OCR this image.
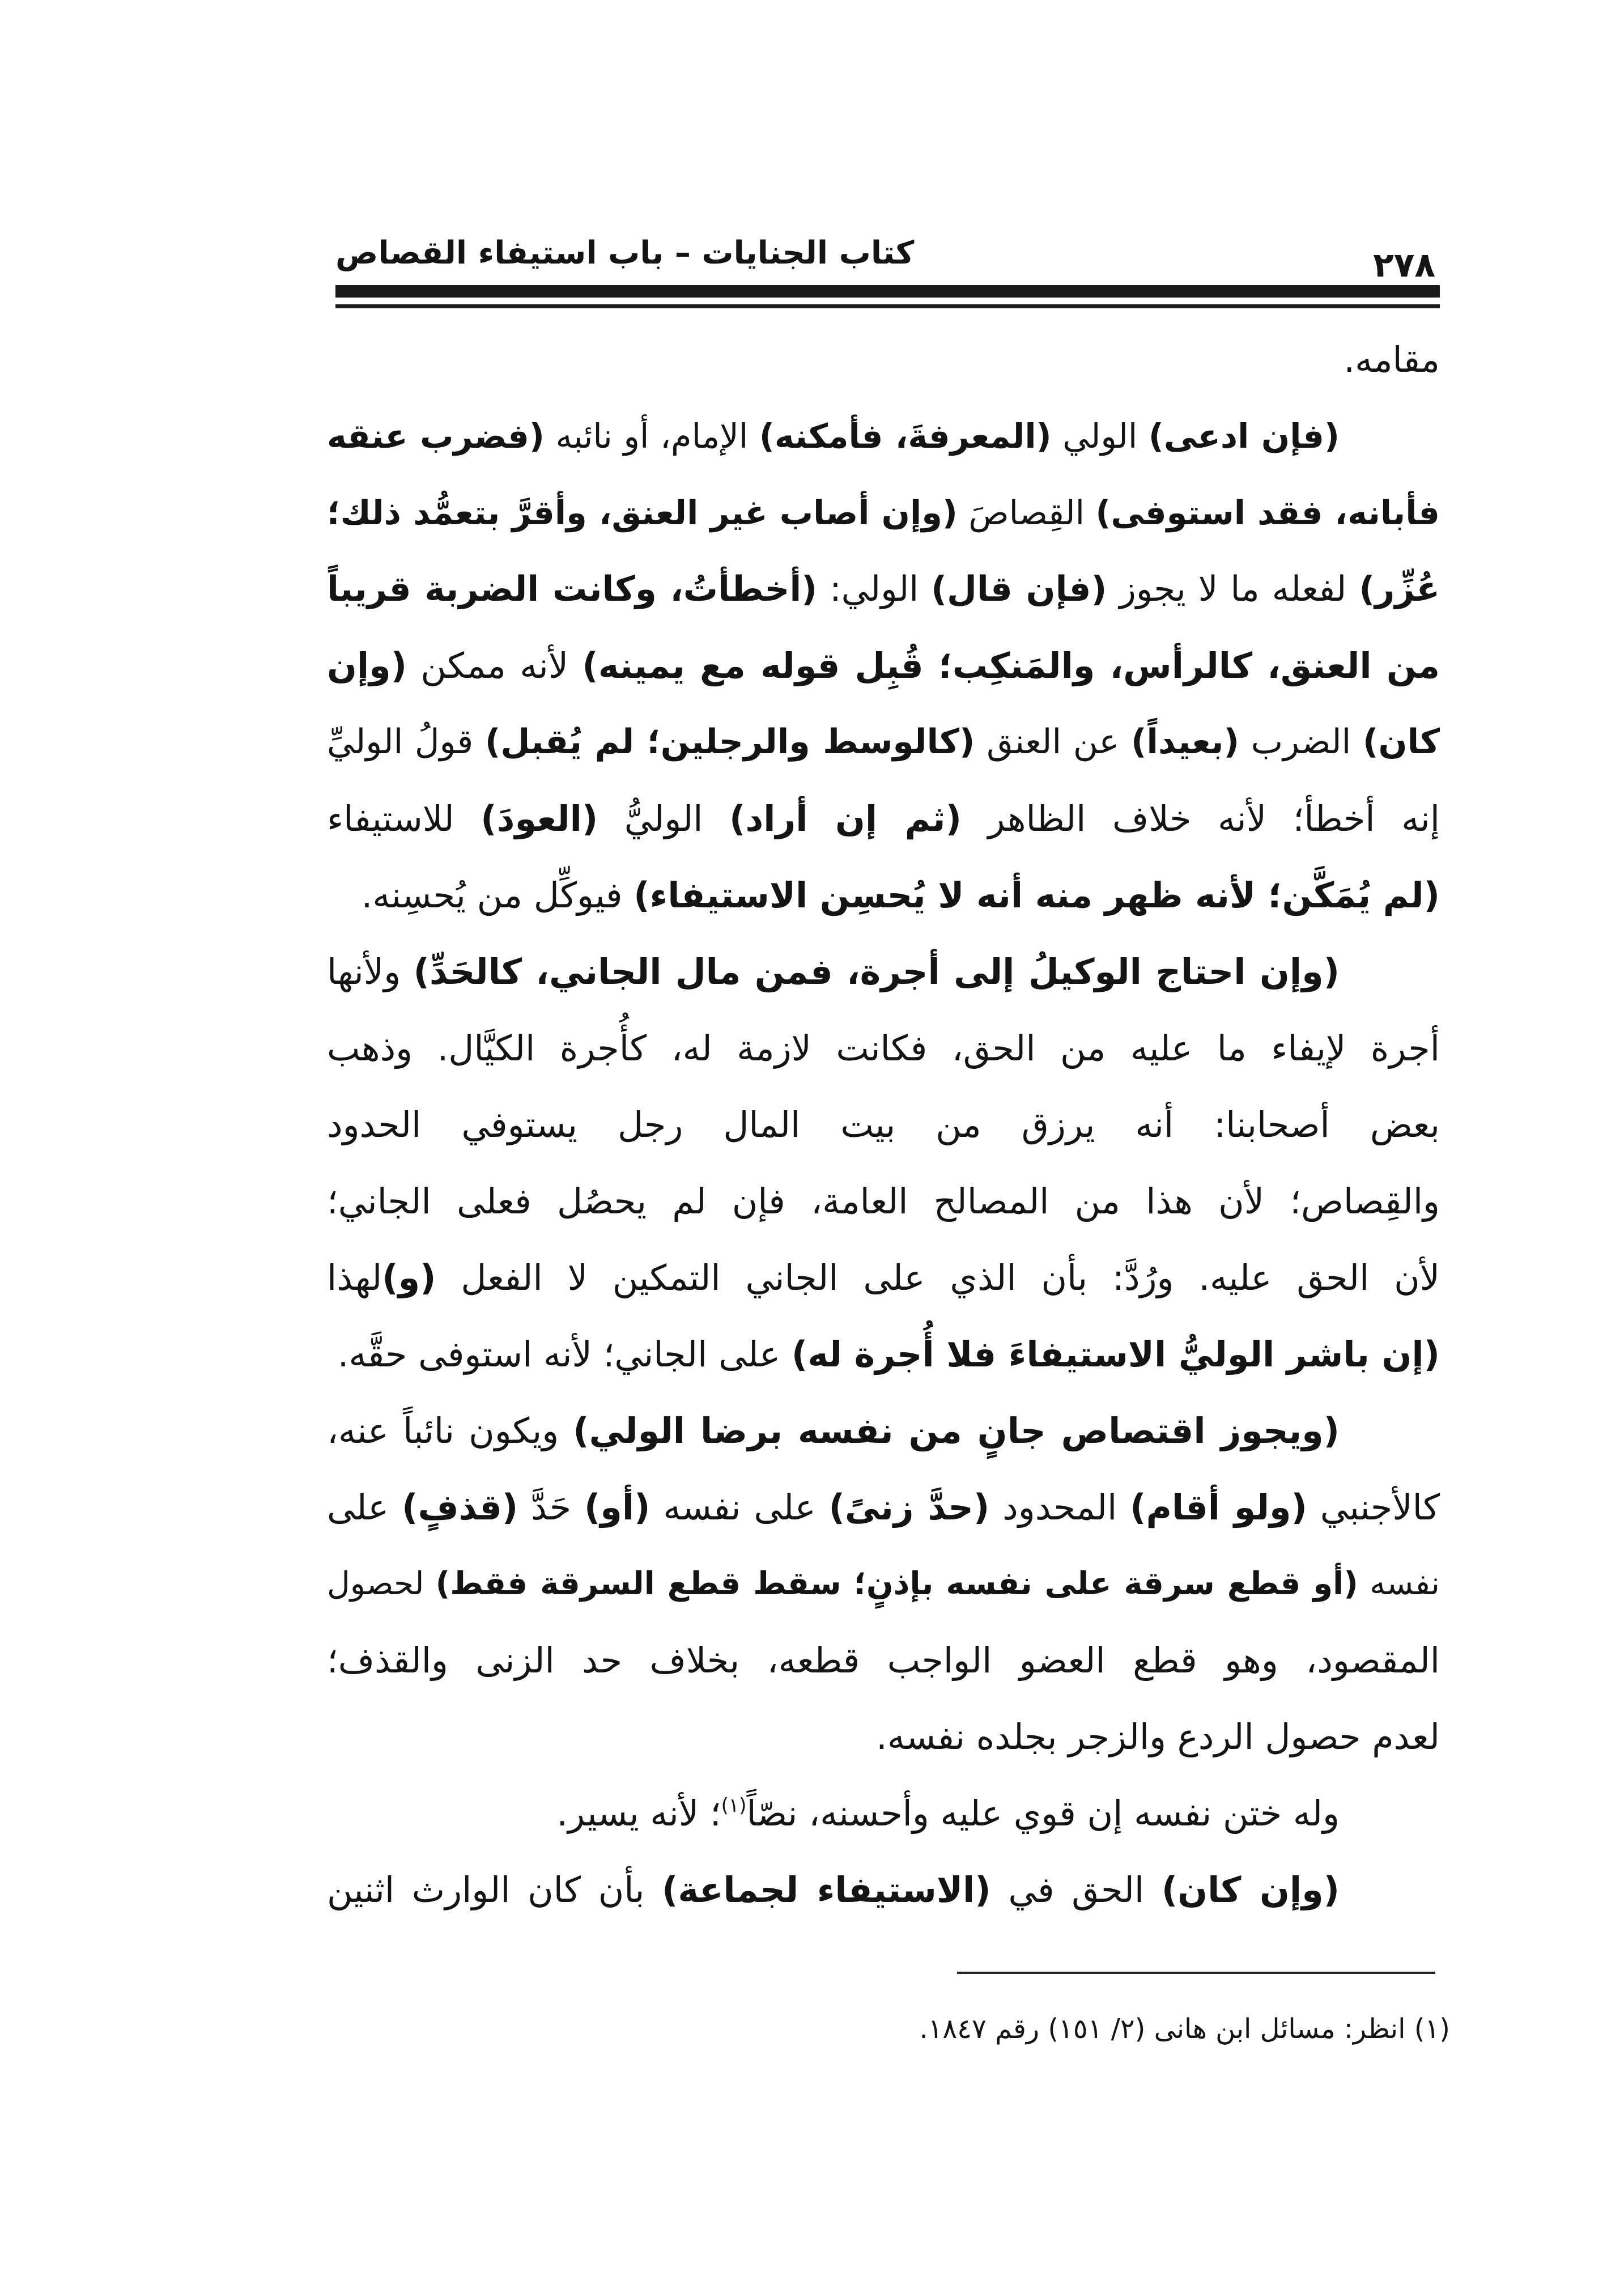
كتاب الجنايات – باب استيفاء القصاص	٢٧٨
مقامه.
(فإن ادعى) الولي (المعرفةَ، فأمكنه) الإمام، أو نائبه (فضرب عنقه
فأبانه، فقد استوفى) القِصاصَ (وإن أصاب غير العنق، وأقرَّ بتعمُّد ذلك؛
عُزِّر) لفعله ما لا يجوز (فإن قال) الولي: (أخطأتُ، وكانت الضربة قريباً
من العنق، كالرأس، والمَنكِب؛ قُبِل قوله مع يمينه) لأنه ممكن (وإن
كان) الضرب (بعيداً) عن العنق (كالوسط والرجلين؛ لم يُقبل) قولُ الوليِّ
إنه أخطأ؛ لأنه خلاف الظاهر (ثم إن أراد) الوليُّ (العودَ) للاستيفاء
(لم يُمَكَّن؛ لأنه ظهر منه أنه لا يُحسِن الاستيفاء) فيوكِّل من يُحسِنه.
(وإن احتاج الوكيلُ إلى أجرة، فمن مال الجاني، كالحَدِّ) ولأنها
أجرة لإيفاء ما عليه من الحق، فكانت لازمة له، كأُجرة الكيَّال. وذهب
بعض أصحابنا: أنه يرزق من بيت المال رجل يستوفي الحدود
والقِصاص؛ لأن هذا من المصالح العامة، فإن لم يحصُل فعلى الجاني؛
لأن الحق عليه. ورُدَّ: بأن الذي على الجاني التمكين لا الفعل (و)لهذا
(إن باشر الوليُّ الاستيفاءَ فلا أُجرة له) على الجاني؛ لأنه استوفى حقَّه.
(ويجوز اقتصاص جانٍ من نفسه برضا الولي) ويكون نائباً عنه،
كالأجنبي (ولو أقام) المحدود (حدَّ زنىً) على نفسه (أو) حَدَّ (قذفٍ) على
نفسه (أو قطع سرقة على نفسه بإذنٍ؛ سقط قطع السرقة فقط) لحصول
المقصود، وهو قطع العضو الواجب قطعه، بخلاف حد الزنى والقذف؛
لعدم حصول الردع والزجر بجلده نفسه.
وله ختن نفسه إن قوي عليه وأحسنه، نصّاً$^{(١)}$؛ لأنه يسير.
(وإن كان) الحق في (الاستيفاء لجماعة) بأن كان الوارث اثنين
(١) انظر: مسائل ابن هانى (٢/ ١٥١) رقم ١٨٤٧.
